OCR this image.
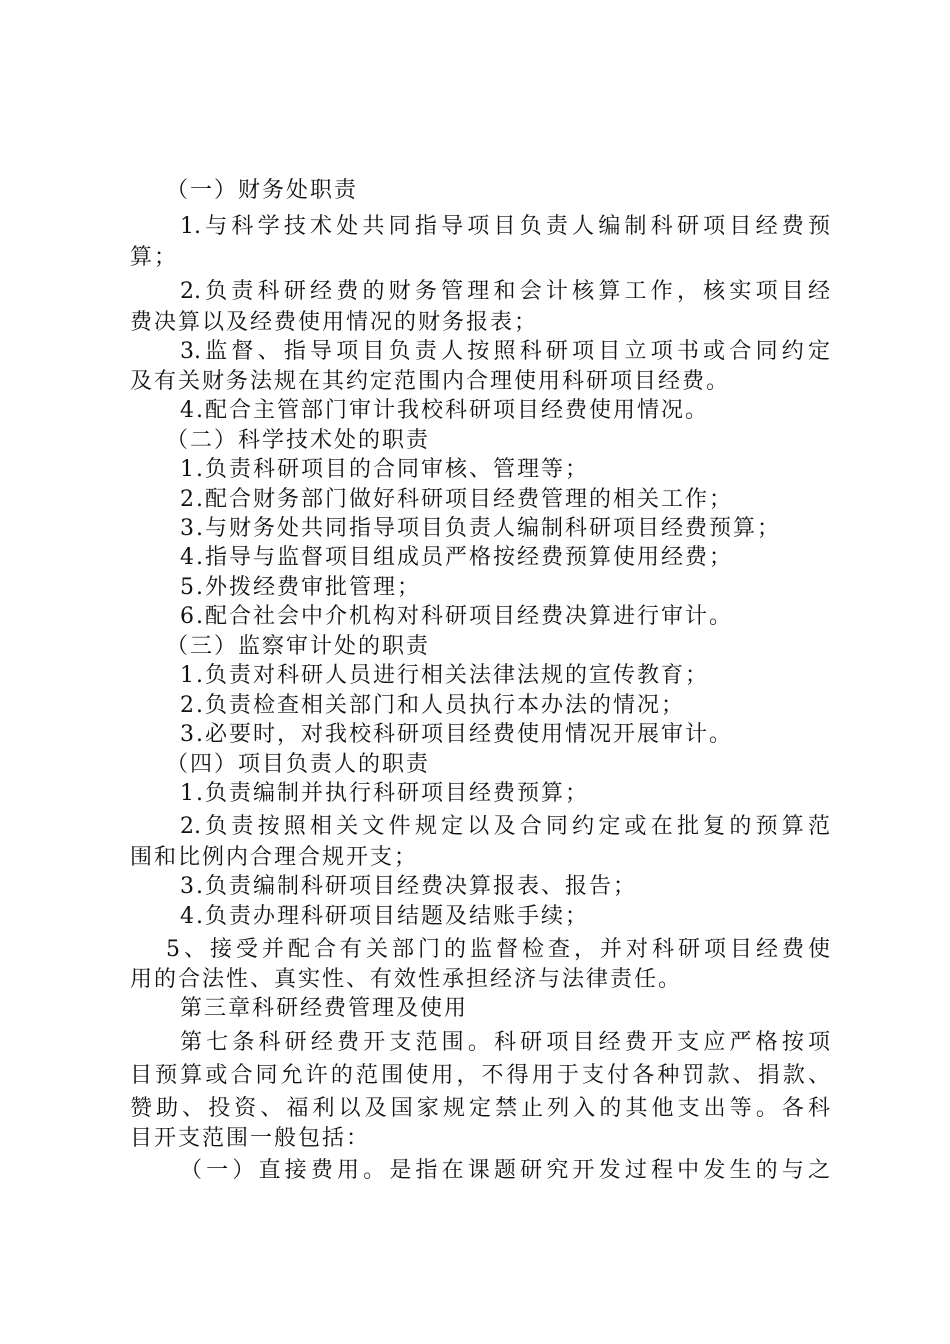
（一）财务处职责
1.与科学技术处共同指导项目负责人编制科研项目经费预
算；
2.负责科研经费的财务管理和会计核算工作，核实项目经
费决算以及经费使用情况的财务报表；
3.监督、指导项目负责人按照科研项目立项书或合同约定
及有关财务法规在其约定范围内合理使用科研项目经费。
4.配合主管部门审计我校科研项目经费使用情况。
（二）科学技术处的职责
1.负责科研项目的合同审核、管理等；
2.配合财务部门做好科研项目经费管理的相关工作；
3.与财务处共同指导项目负责人编制科研项目经费预算；
4.指导与监督项目组成员严格按经费预算使用经费；
5.外拨经费审批管理；
6.配合社会中介机构对科研项目经费决算进行审计。
（三）监察审计处的职责
1.负责对科研人员进行相关法律法规的宣传教育；
2.负责检查相关部门和人员执行本办法的情况；
3.必要时，对我校科研项目经费使用情况开展审计。
（四）项目负责人的职责
1.负责编制并执行科研项目经费预算；
2.负责按照相关文件规定以及合同约定或在批复的预算范
围和比例内合理合规开支；
3.负责编制科研项目经费决算报表、报告；
4.负责办理科研项目结题及结账手续；
5、接受并配合有关部门的监督检查，并对科研项目经费使
用的合法性、真实性、有效性承担经济与法律责任。
第三章科研经费管理及使用
第七条科研经费开支范围。科研项目经费开支应严格按项
目预算或合同允许的范围使用，不得用于支付各种罚款、捐款、
赞助、投资、福利以及国家规定禁止列入的其他支出等。各科
目开支范围一般包括：
（一）直接费用。是指在课题研究开发过程中发生的与之
